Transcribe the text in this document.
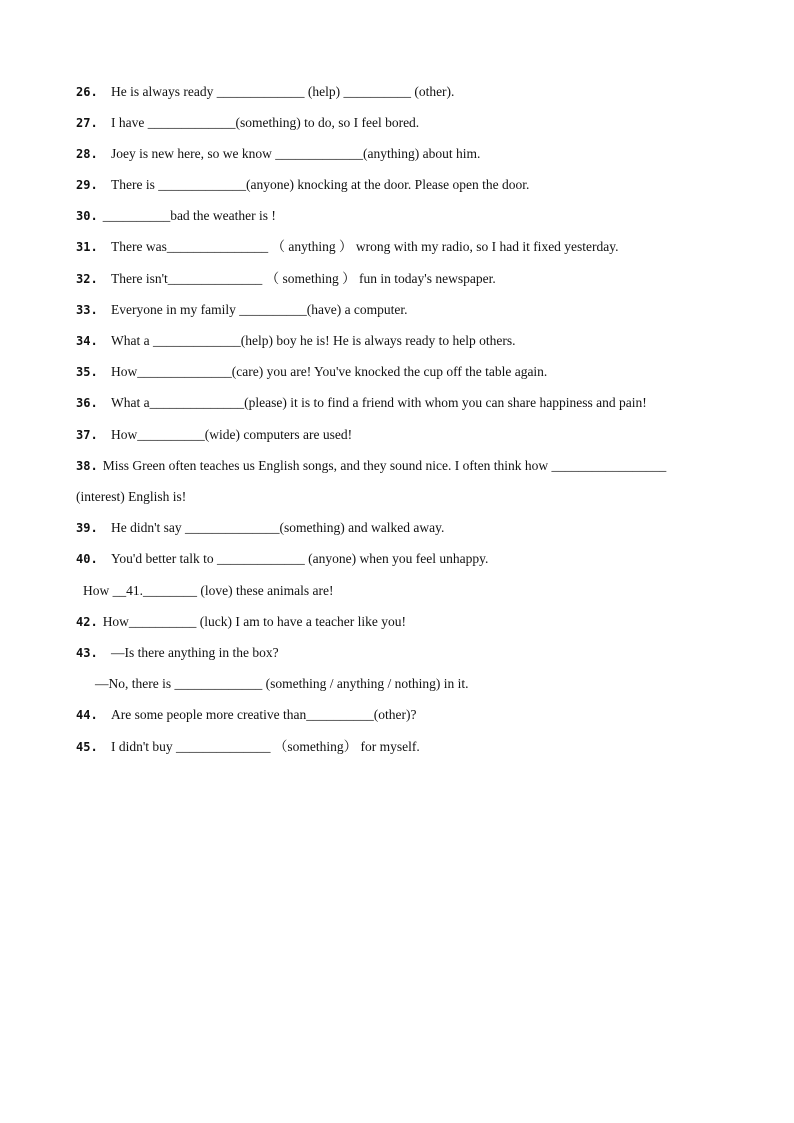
26. He is always ready _____________ (help) __________ (other).
27. I have _____________(something) to do, so I feel bored.
28. Joey is new here, so we know _____________(anything) about him.
29. There is _____________(anyone) knocking at the door. Please open the door.
30. __________bad the weather is !
31. There was_______________ （ anything ） wrong with my radio, so I had it fixed yesterday.
32. There isn't______________ （ something ） fun in today's newspaper.
33. Everyone in my family __________(have) a computer.
34. What a _____________(help) boy he is! He is always ready to help others.
35. How______________(care) you are! You've knocked the cup off the table again.
36. What a______________(please) it is to find a friend with whom you can share happiness and pain!
37. How__________(wide) computers are used!
38. Miss Green often teaches us English songs, and they sound nice. I often think how _________________
(interest) English is!
39. He didn't say ______________(something) and walked away.
40. You'd better talk to _____________ (anyone) when you feel unhappy.
How __41.________ (love) these animals are!
42. How__________ (luck) I am to have a teacher like you!
43. —Is there anything in the box?
—No, there is _____________ (something / anything / nothing) in it.
44. Are some people more creative than__________(other)?
45. I didn't buy ______________ （something） for myself.
